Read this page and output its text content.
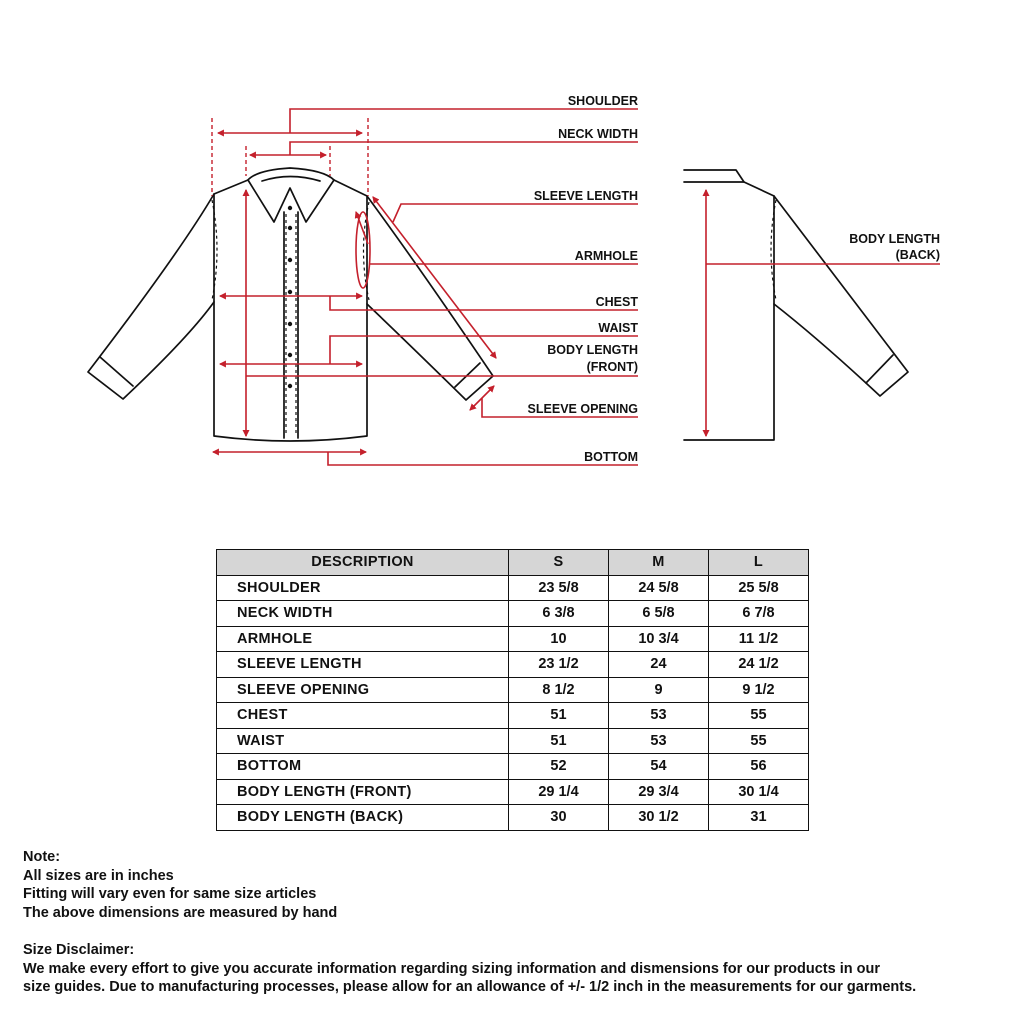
SHOULDER
NECK WIDTH
SLEEVE LENGTH
ARMHOLE
CHEST
WAIST
BODY LENGTH
(FRONT)
SLEEVE OPENING
BOTTOM
BODY LENGTH
(BACK)
DESCRIPTION	S	M	L
SHOULDER	23 5/8	24 5/8	25 5/8
NECK WIDTH	6 3/8	6 5/8	6 7/8
ARMHOLE	10	10 3/4	11 1/2
SLEEVE LENGTH	23 1/2	24	24 1/2
SLEEVE OPENING	8 1/2	9	9 1/2
CHEST	51	53	55
WAIST	51	53	55
BOTTOM	52	54	56
BODY LENGTH (FRONT)	29 1/4	29 3/4	30 1/4
BODY LENGTH (BACK)	30	30 1/2	31

Note:

All sizes are in inches

Fitting will vary even for same size articles

The above dimensions are measured by hand

Size Disclaimer:

We make every effort to give you accurate information regarding sizing information and dismensions for our products in our

size guides. Due to manufacturing processes, please allow for an allowance of +/- 1/2 inch in the measurements for our garments.
